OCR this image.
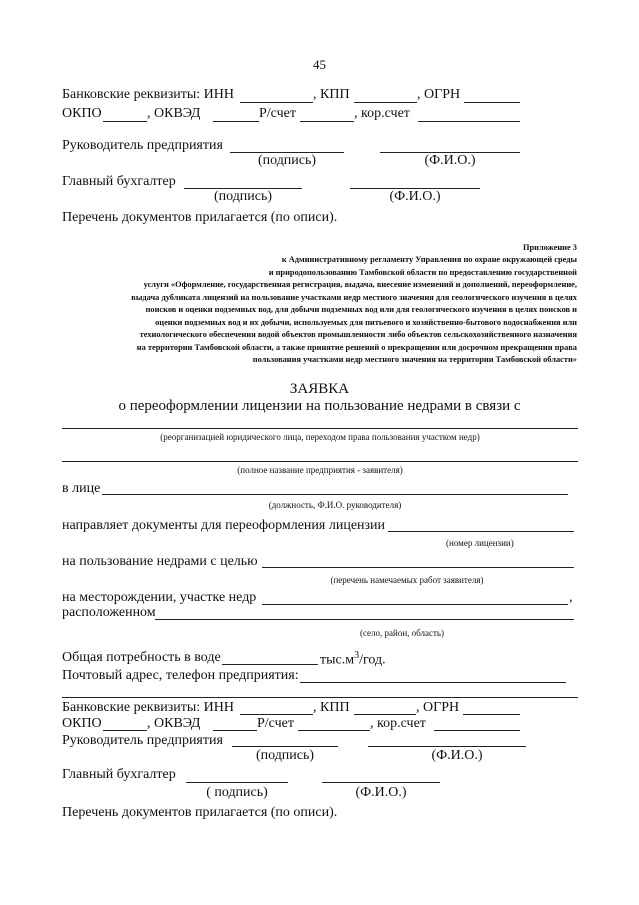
45
Банковские реквизиты: ИНН	, КПП	, ОГРН
ОКПО	, ОКВЭД	Р/счет	, кор.счет
Руководитель предприятия
(подпись)	(Ф.И.О.)
Главный бухгалтер
(подпись)	(Ф.И.О.)
Перечень документов прилагается (по описи).
Приложение 3
к Административному регламенту Управления по охране окружающей среды
и природопользованию Тамбовской области по предоставлению государственной
услуги «Оформление, государственная регистрация, выдача, внесение изменений и дополнений, переоформление,
выдача дубликата лицензий на пользование участками недр местного значения для геологического изучения в целях
поисков и оценки подземных вод, для добычи подземных вод или для геологического изучения в целях поисков и
оценки подземных вод и их добычи, используемых для питьевого и хозяйственно-бытового водоснабжения или
технологического обеспечения водой объектов промышленности либо объектов сельскохозяйственного назначения
на территории Тамбовской области, а также принятие решений о прекращении или досрочном прекращении права
пользования участками недр местного значения на территории Тамбовской области»
ЗАЯВКА
о переоформлении лицензии на пользование недрами в связи с
(реорганизацией юридического лица, переходом права пользования участком недр)
(полное название предприятия - заявителя)
в лице
(должность, Ф.И.О. руководителя)
направляет документы для переоформления лицензии
(номер лицензии)
на пользование недрами с целью
(перечень намечаемых работ заявителя)
на месторождении, участке недр	,
расположенном
(село, район, область)
Общая потребность в воде	$тыс.м^3$/год.
Почтовый адрес, телефон предприятия:
Банковские реквизиты: ИНН	, КПП	, ОГРН
ОКПО	, ОКВЭД	Р/счет	, кор.счет
Руководитель предприятия
(подпись)	(Ф.И.О.)
Главный бухгалтер
( подпись)	(Ф.И.О.)
Перечень документов прилагается (по описи).
